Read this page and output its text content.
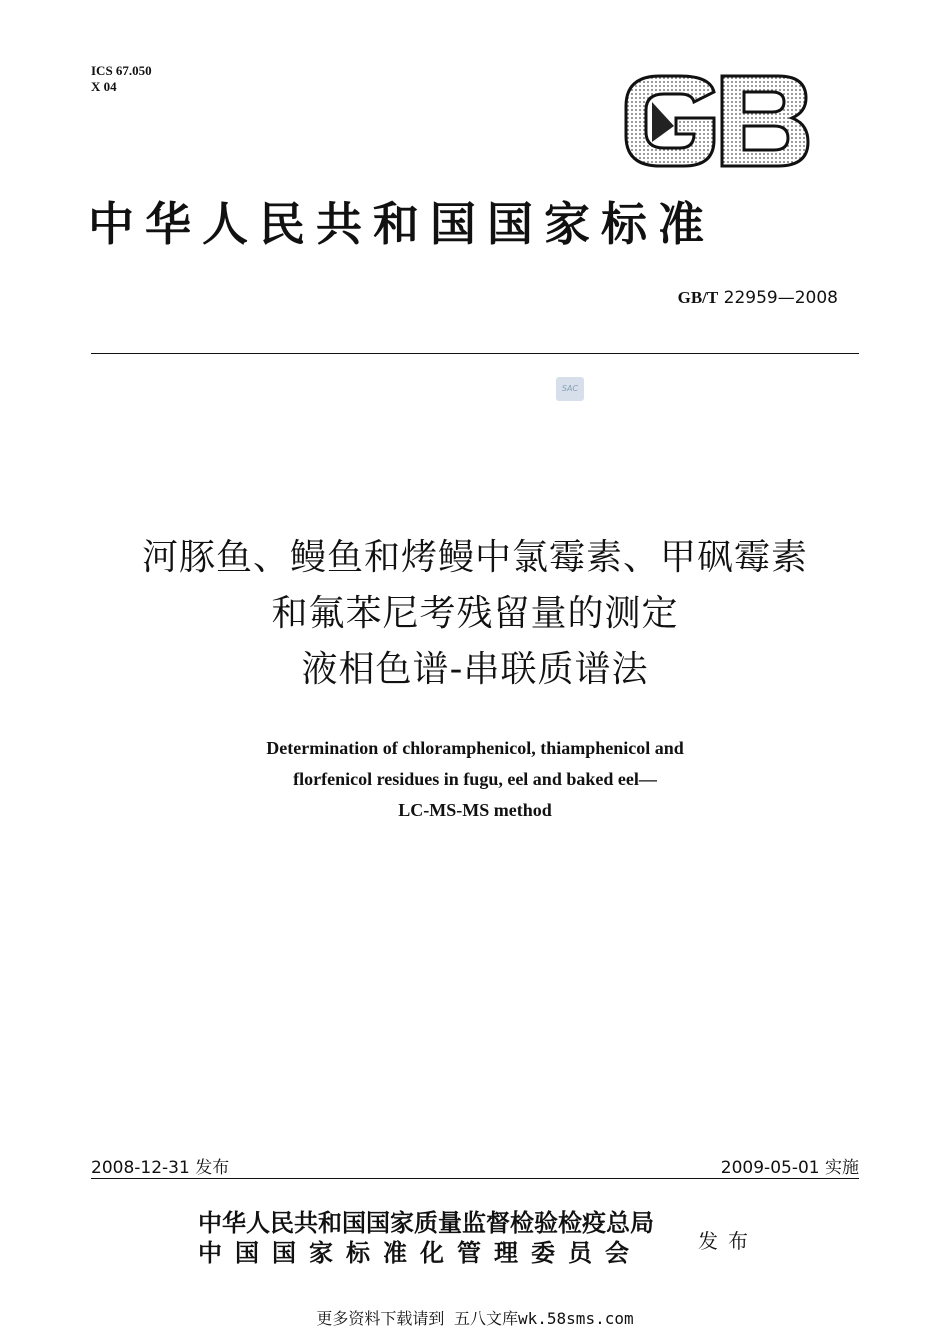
ICS 67.050
X 04
GB
中华人民共和国国家标准
GB/T 22959—2008
SAC
河豚鱼、鳗鱼和烤鳗中氯霉素、甲砜霉素
和氟苯尼考残留量的测定
液相色谱-串联质谱法
Determination of chloramphenicol, thiamphenicol and
florfenicol residues in fugu, eel and baked eel—
LC-MS-MS method
2008-12-31 发布	2009-05-01 实施
中华人民共和国国家质量监督检验检疫总局
中国国家标准化管理委员会	发布
更多资料下载请到 五八文库wk.58sms.com
